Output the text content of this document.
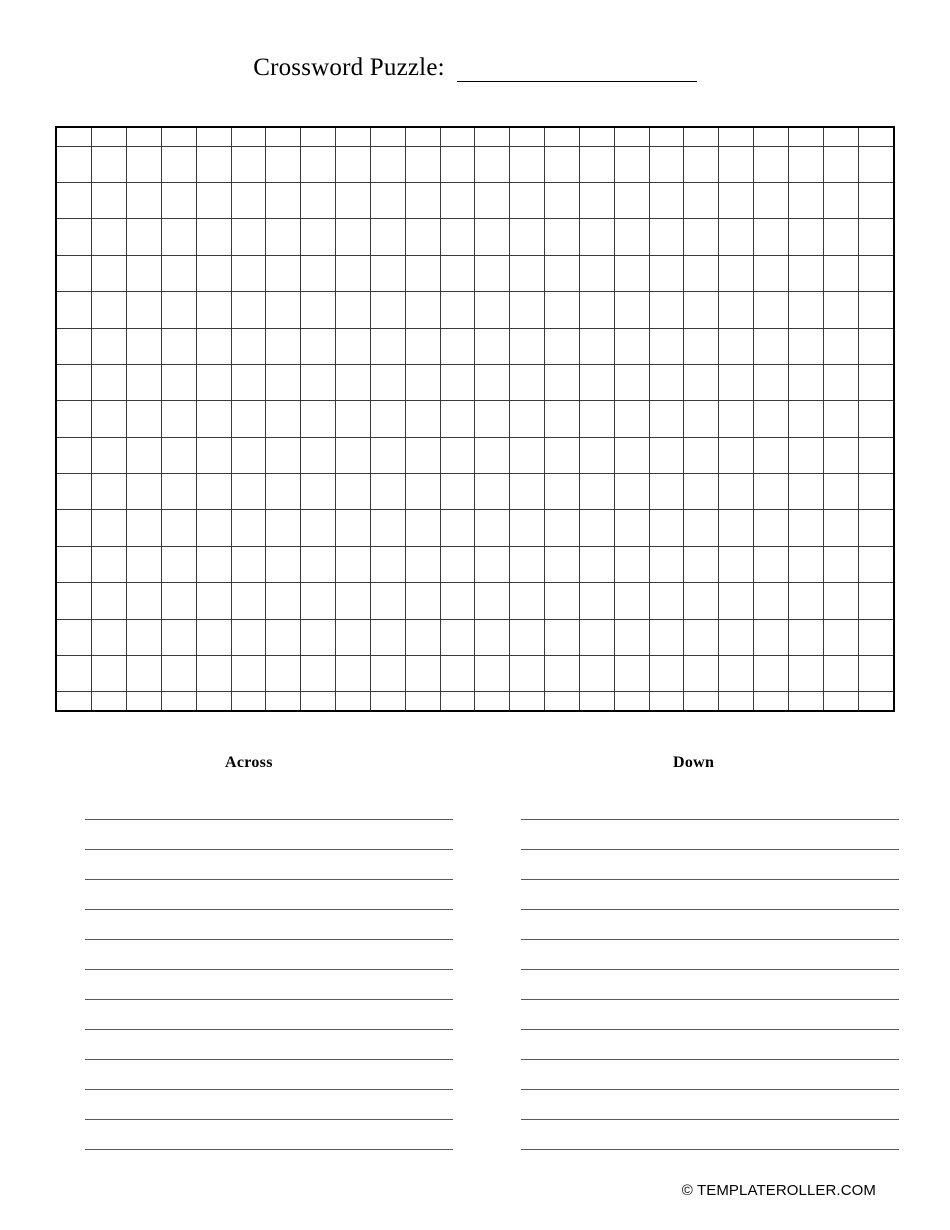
Crossword Puzzle:

Across	Down
© TEMPLATEROLLER.COM
